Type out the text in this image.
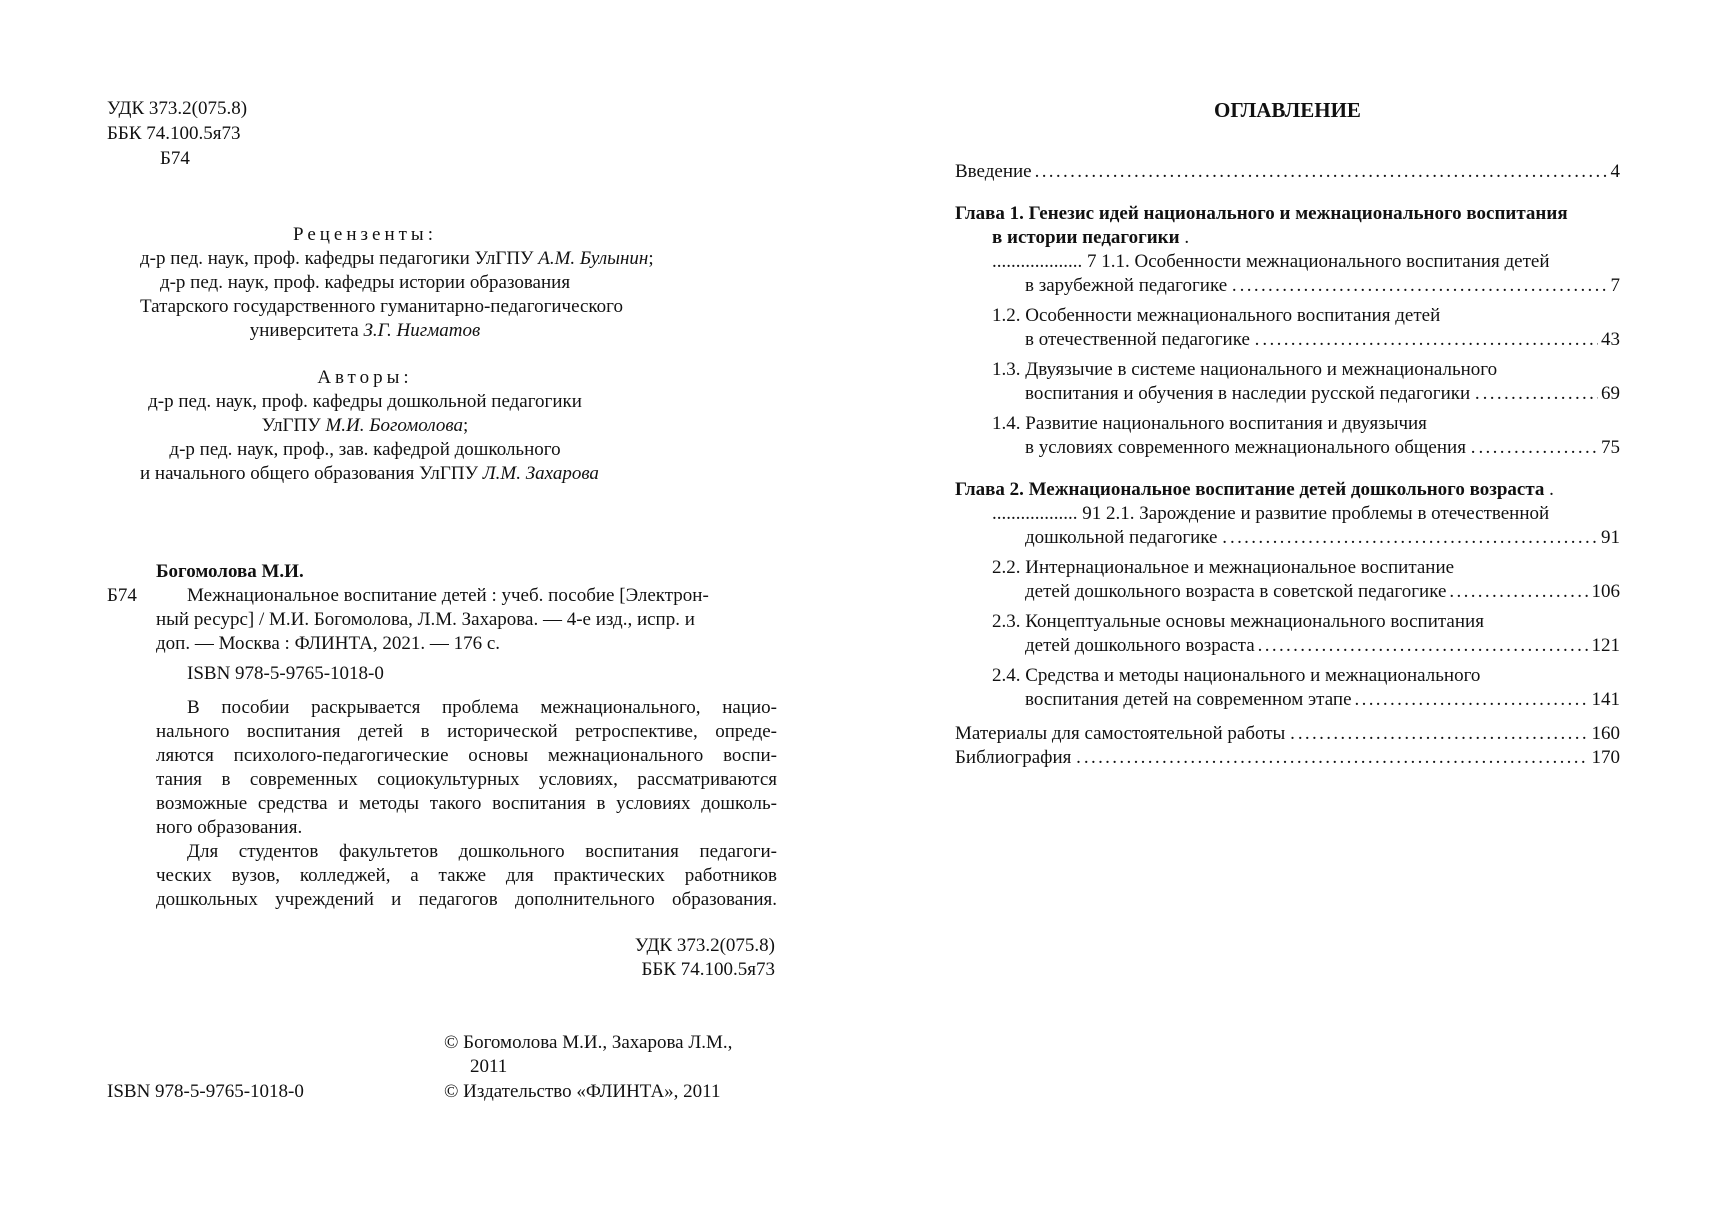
УДК 373.2(075.8)
ББК 74.100.5я73
Б74
Рецензенты:
д-р пед. наук, проф. кафедры педагогики УлГПУ А.М. Булынин;
д-р пед. наук, проф. кафедры истории образования
Татарского государственного гуманитарно-педагогического
университета З.Г. Нигматов
Авторы:
д-р пед. наук, проф. кафедры дошкольной педагогики
УлГПУ М.И. Богомолова;
д-р пед. наук, проф., зав. кафедрой дошкольного
и начального общего образования УлГПУ Л.М. Захарова
Богомолова М.И.
Б74	Межнациональное воспитание детей : учеб. пособие [Электрон-
ный ресурс] / М.И. Богомолова, Л.М. Захарова. — 4-е изд., испр. и
доп. — Москва : ФЛИНТА, 2021. — 176 с.
ISBN 978-5-9765-1018-0
В пособии раскрывается проблема межнационального, нацио-
нального воспитания детей в исторической ретроспективе, опреде-
ляются психолого-педагогические основы межнационального воспи-
тания в современных социокультурных условиях, рассматриваются
возможные средства и методы такого воспитания в условиях дошколь-
ного образования.
Для студентов факультетов дошкольного воспитания педагоги-
ческих вузов, колледжей, а также для практических работников
дошкольных учреждений и педагогов дополнительного образования.
УДК 373.2(075.8)
ББК 74.100.5я73
© Богомолова М.И., Захарова Л.М.,
2011
© Издательство «ФЛИНТА», 2011
ISBN 978-5-9765-1018-0
ОГЛАВЛЕНИЕ
Введение . . .	4
Глава 1. Генезис идей национального и межнационального воспитания
в истории педагогики .
................... 7 1.1. Особенности межнационального воспитания детей
в зарубежной педагогике . . . .	7
1.2. Особенности межнационального воспитания детей
в отечественной педагогике . . . .	43
1.3. Двуязычие в системе национального и межнационального
воспитания и обучения в наследии русской педагогики . . . .	69
1.4. Развитие национального воспитания и двуязычия
в условиях современного межнационального общения . . . .	75
Глава 2. Межнациональное воспитание детей дошкольного возраста .
.................. 91 2.1. Зарождение и развитие проблемы в отечественной
дошкольной педагогике . . . .	91
2.2. Интернациональное и межнациональное воспитание
детей дошкольного возраста в советской педагогике . . .	106
2.3. Концептуальные основы межнационального воспитания
детей дошкольного возраста . . .	121
2.4. Средства и методы национального и межнационального
воспитания детей на современном этапе . . .	141
Материалы для самостоятельной работы . . . .	160
Библиография . . . .	170
